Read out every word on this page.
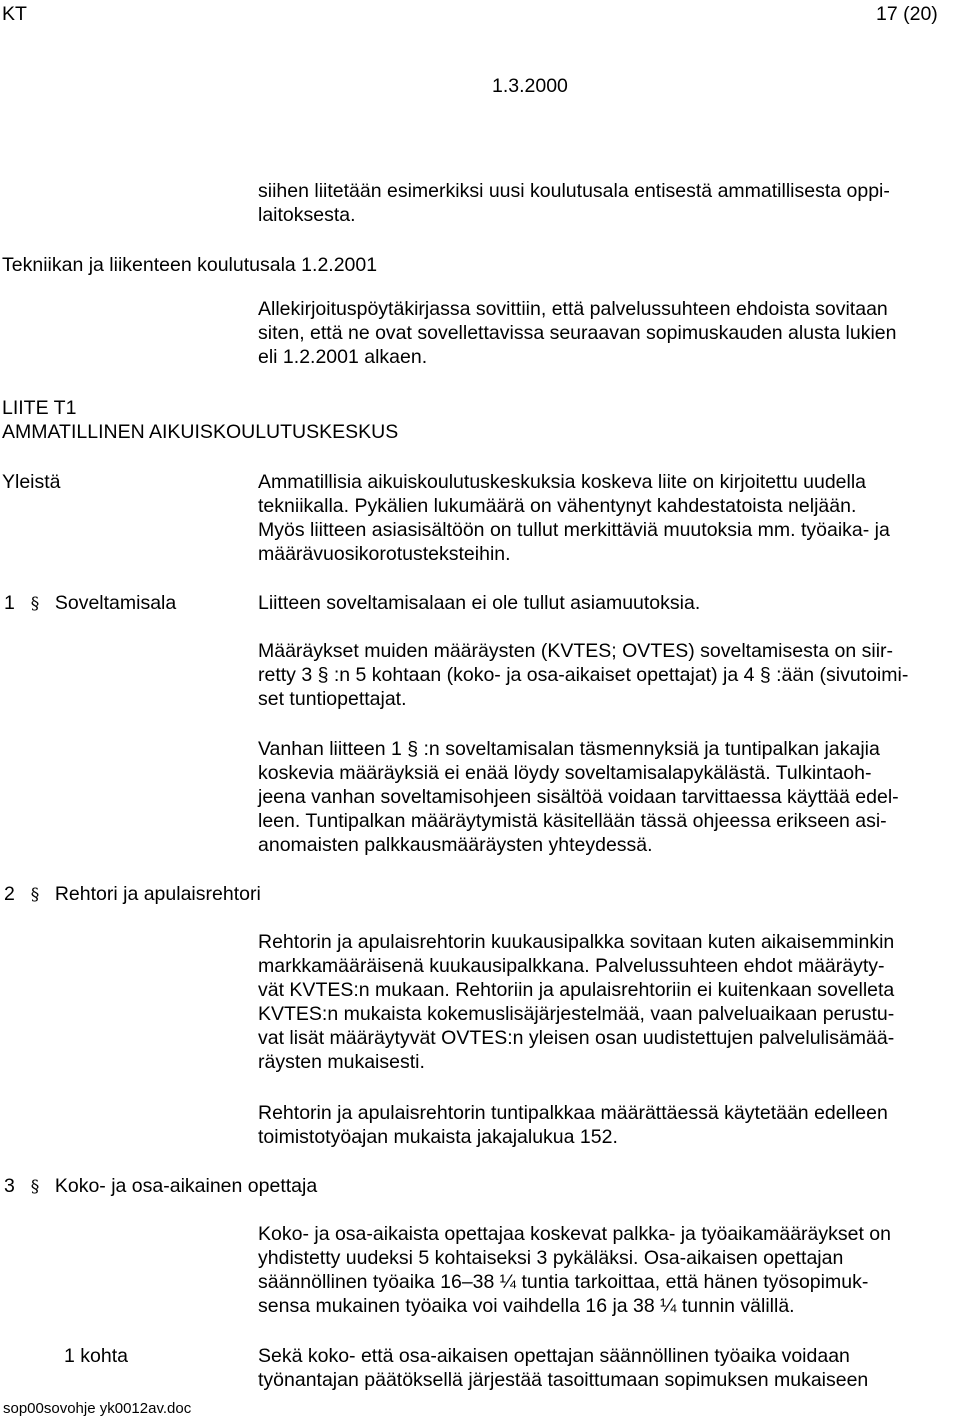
KT	17 (20)
1.3.2000
siihen liitetään esimerkiksi uusi koulutusala entisestä ammatillisesta oppi-
laitoksesta.
Tekniikan ja liikenteen koulutusala 1.2.2001
Allekirjoituspöytäkirjassa sovittiin, että palvelussuhteen ehdoista sovitaan
siten, että ne ovat sovellettavissa seuraavan sopimuskauden alusta lukien
eli 1.2.2001 alkaen.
LIITE T1
AMMATILLINEN AIKUISKOULUTUSKESKUS
Yleistä	Ammatillisia aikuiskoulutuskeskuksia koskeva liite on kirjoitettu uudella
tekniikalla. Pykälien lukumäärä on vähentynyt kahdestatoista neljään.
Myös liitteen asiasisältöön on tullut merkittäviä muutoksia mm. työaika- ja
määrävuosikorotusteksteihin.
1 § Soveltamisala	Liitteen soveltamisalaan ei ole tullut asiamuutoksia.
Määräykset muiden määräysten (KVTES; OVTES) soveltamisesta on siir-
retty 3 § :n 5 kohtaan (koko- ja osa-aikaiset opettajat) ja 4 § :ään (sivutoimi-
set tuntiopettajat.
Vanhan liitteen 1 § :n soveltamisalan täsmennyksiä ja tuntipalkan jakajia
koskevia määräyksiä ei enää löydy soveltamisalapykälästä. Tulkintaoh-
jeena vanhan soveltamisohjeen sisältöä voidaan tarvittaessa käyttää edel-
leen. Tuntipalkan määräytymistä käsitellään tässä ohjeessa erikseen asi-
anomaisten palkkausmääräysten yhteydessä.
2 § Rehtori ja apulaisrehtori
Rehtorin ja apulaisrehtorin kuukausipalkka sovitaan kuten aikaisemminkin
markkamääräisenä kuukausipalkkana. Palvelussuhteen ehdot määräyty-
vät KVTES:n mukaan. Rehtoriin ja apulaisrehtoriin ei kuitenkaan sovelleta
KVTES:n mukaista kokemuslisäjärjestelmää, vaan palveluaikaan perustu-
vat lisät määräytyvät OVTES:n yleisen osan uudistettujen palvelulisämää-
räysten mukaisesti.
Rehtorin ja apulaisrehtorin tuntipalkkaa määrättäessä käytetään edelleen
toimistotyöajan mukaista jakajalukua 152.
3 § Koko- ja osa-aikainen opettaja
Koko- ja osa-aikaista opettajaa koskevat palkka- ja työaikamääräykset on
yhdistetty uudeksi 5 kohtaiseksi 3 pykäläksi. Osa-aikaisen opettajan
säännöllinen työaika 16–38 ¼ tuntia tarkoittaa, että hänen työsopimuk-
sensa mukainen työaika voi vaihdella 16 ja 38 ¼ tunnin välillä.
1 kohta	Sekä koko- että osa-aikaisen opettajan säännöllinen työaika voidaan
työnantajan päätöksellä järjestää tasoittumaan sopimuksen mukaiseen
sop00sovohje yk0012av.doc
